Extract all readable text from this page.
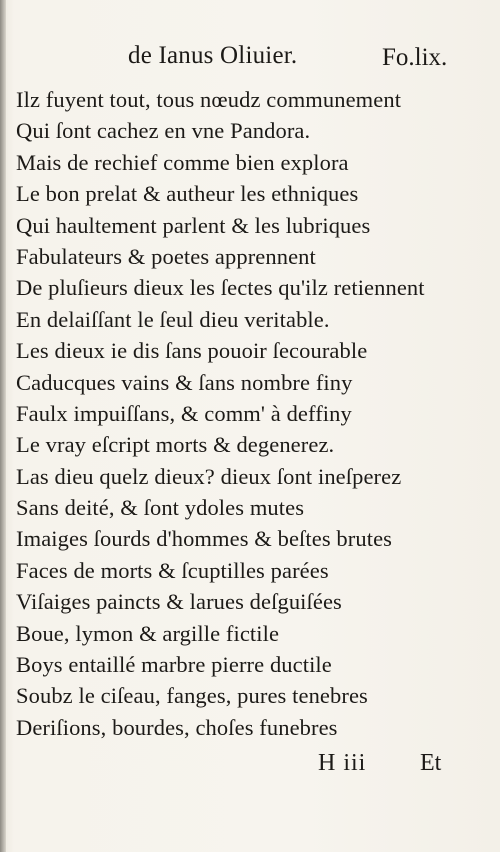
de Ianus Oliuier.	Fo.lix.
Ilz fuyent tout, tous nœudz communement
Qui ſont cachez en vne Pandora.
Mais de rechief comme bien explora
Le bon prelat & autheur les ethniques
Qui haultement parlent & les lubriques
Fabulateurs & poetes apprennent
De pluſieurs dieux les ſectes qu'ilz retiennent
En delaiſſant le ſeul dieu veritable.
Les dieux ie dis ſans pouoir ſecourable
Caducques vains & ſans nombre finy
Faulx impuiſſans, & comm' à deffiny
Le vray eſcript morts & degenerez.
Las dieu quelz dieux? dieux ſont ineſperez
Sans deité, & ſont ydoles mutes
Imaiges ſourds d'hommes & beſtes brutes
Faces de morts & ſcuptilles parées
Viſaiges paincts & larues deſguiſées
Boue, lymon & argille fictile
Boys entaillé marbre pierre ductile
Soubz le ciſeau, fanges, pures tenebres
Deriſions, bourdes, choſes funebres
H iii Et
